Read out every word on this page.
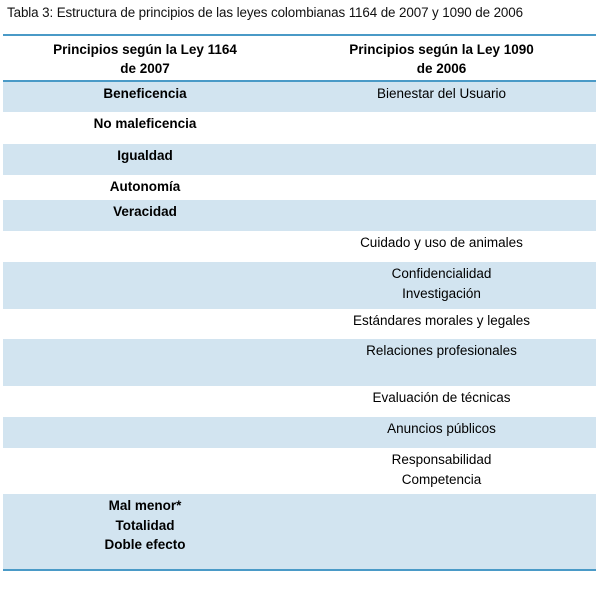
Tabla 3: Estructura de principios de las leyes colombianas 1164 de 2007 y 1090 de 2006
Principios según la Ley 1164
de 2007
Principios según la Ley 1090
de 2006
Beneficencia	Bienestar del Usuario
No maleficencia
Igualdad
Autonomía
Veracidad
Cuidado y uso de animales
Confidencialidad
Investigación
Estándares morales y legales
Relaciones profesionales
Evaluación de técnicas
Anuncios públicos
Responsabilidad
Competencia
Mal menor*
Totalidad
Doble efecto
